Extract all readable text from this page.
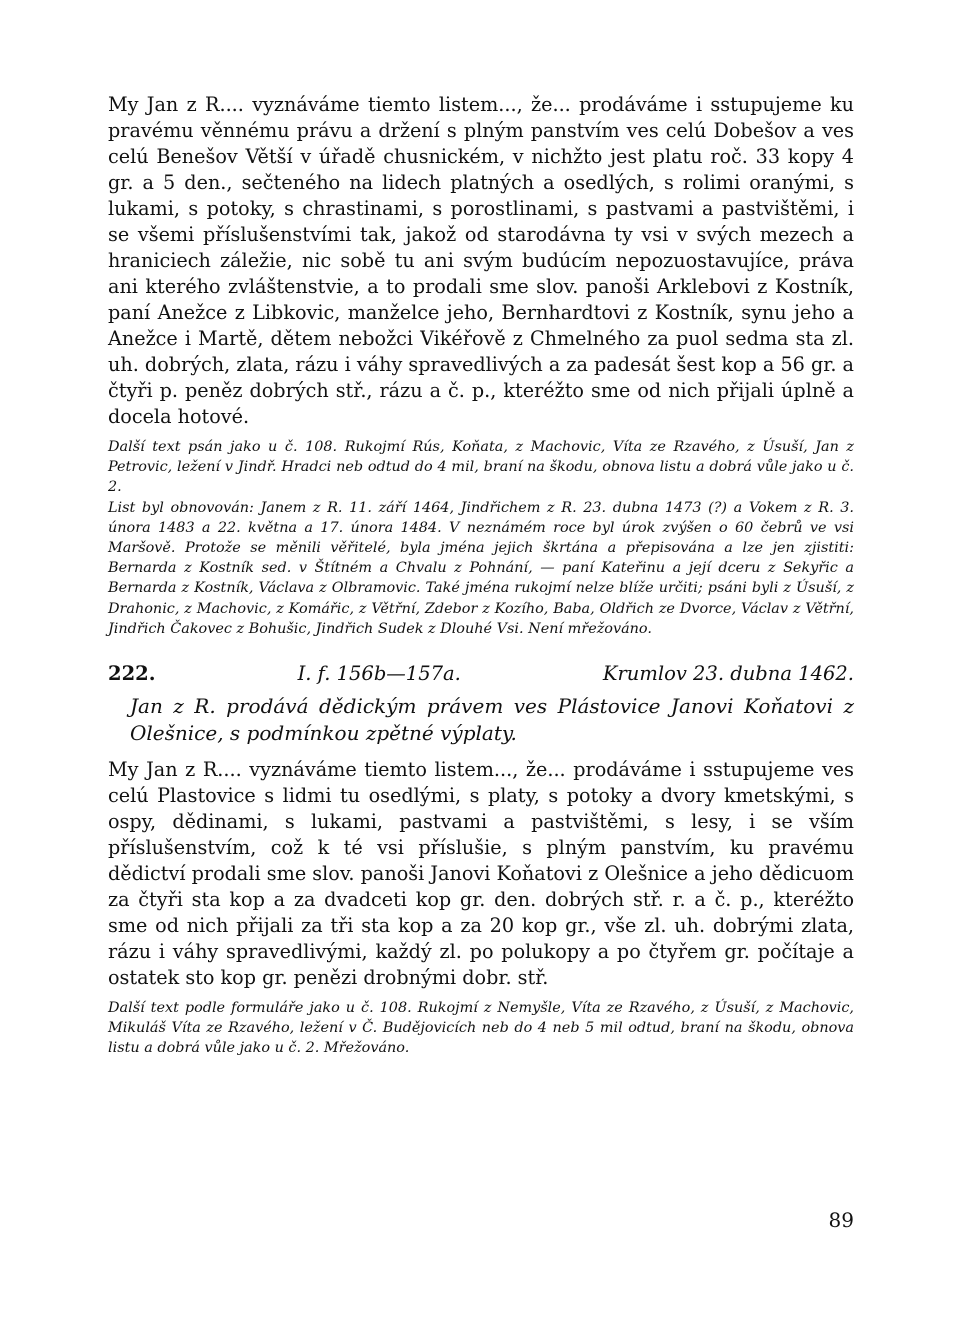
My Jan z R.... vyznáváme tiemto listem..., že... prodáváme i sstupujeme ku pravému věnnému právu a držení s plným panstvím ves celú Dobešov a ves celú Benešov Větší v úřadě chusnickém, v nichžto jest platu roč. 33 kopy 4 gr. a 5 den., sečteného na lidech platných a osedlých, s rolimi oranými, s lukami, s potoky, s chrastinami, s porostlinami, s pastvami a pastvištěmi, i se všemi příslušenstvími tak, jakož od starodávna ty vsi v svých mezech a hraniciech záležie, nic sobě tu ani svým budúcím nepozuostavujíce, práva ani kterého zvláštenstvie, a to prodali sme slov. panoši Arklebovi z Kostník, paní Anežce z Libkovic, manželce jeho, Bernhardtovi z Kostník, synu jeho a Anežce i Martě, dětem nebožci Vikéřově z Chmelného za puol sedma sta zl. uh. dobrých, zlata, rázu i váhy spravedlivých a za padesát šest kop a 56 gr. a čtyři p. peněz dobrých stř., rázu a č. p., kteréžto sme od nich přijali úplně a docela hotové.

Další text psán jako u č. 108. Rukojmí Rús, Koňata, z Machovic, Víta ze Rzavého, z Úsuší, Jan z Petrovic, ležení v Jindř. Hradci neb odtud do 4 mil, braní na škodu, obnova listu a dobrá vůle jako u č. 2.

List byl obnovován: Janem z R. 11. září 1464, Jindřichem z R. 23. dubna 1473 (?) a Vokem z R. 3. února 1483 a 22. května a 17. února 1484. V neznámém roce byl úrok zvýšen o 60 čebrů ve vsi Maršově. Protože se měnili věřitelé, byla jména jejich škrtána a přepisována a lze jen zjistiti: Bernarda z Kostník sed. v Štítném a Chvalu z Pohnání, — paní Kateřinu a její dceru z Sekyřic a Bernarda z Kostník, Václava z Olbramovic. Také jména rukojmí nelze blíže určiti; psáni byli z Úsuší, z Drahonic, z Machovic, z Komářic, z Větřní, Zdebor z Kozího, Baba, Oldřich ze Dvorce, Václav z Větřní, Jindřich Čakovec z Bohušic, Jindřich Sudek z Dlouhé Vsi. Není mřežováno.

222.	I. f. 156b—157a.	Krumlov 23. dubna 1462.

Jan z R. prodává dědickým právem ves Plástovice Janovi Koňatovi z Olešnice, s podmínkou zpětné výplaty.

My Jan z R.... vyznáváme tiemto listem..., že... prodáváme i sstupujeme ves celú Plastovice s lidmi tu osedlými, s platy, s potoky a dvory kmetskými, s ospy, dědinami, s lukami, pastvami a pastvištěmi, s lesy, i se vším příslušenstvím, což k té vsi příslušie, s plným panstvím, ku pravému dědictví prodali sme slov. panoši Janovi Koňatovi z Olešnice a jeho dědicuom za čtyři sta kop a za dvadceti kop gr. den. dobrých stř. r. a č. p., kteréžto sme od nich přijali za tři sta kop a za 20 kop gr., vše zl. uh. dobrými zlata, rázu i váhy spravedlivými, každý zl. po polukopy a po čtyřem gr. počítaje a ostatek sto kop gr. penězi drobnými dobr. stř.

Další text podle formuláře jako u č. 108. Rukojmí z Nemyšle, Víta ze Rzavého, z Úsuší, z Machovic, Mikuláš Víta ze Rzavého, ležení v Č. Budějovicích neb do 4 neb 5 mil odtud, braní na škodu, obnova listu a dobrá vůle jako u č. 2. Mřežováno.

89
